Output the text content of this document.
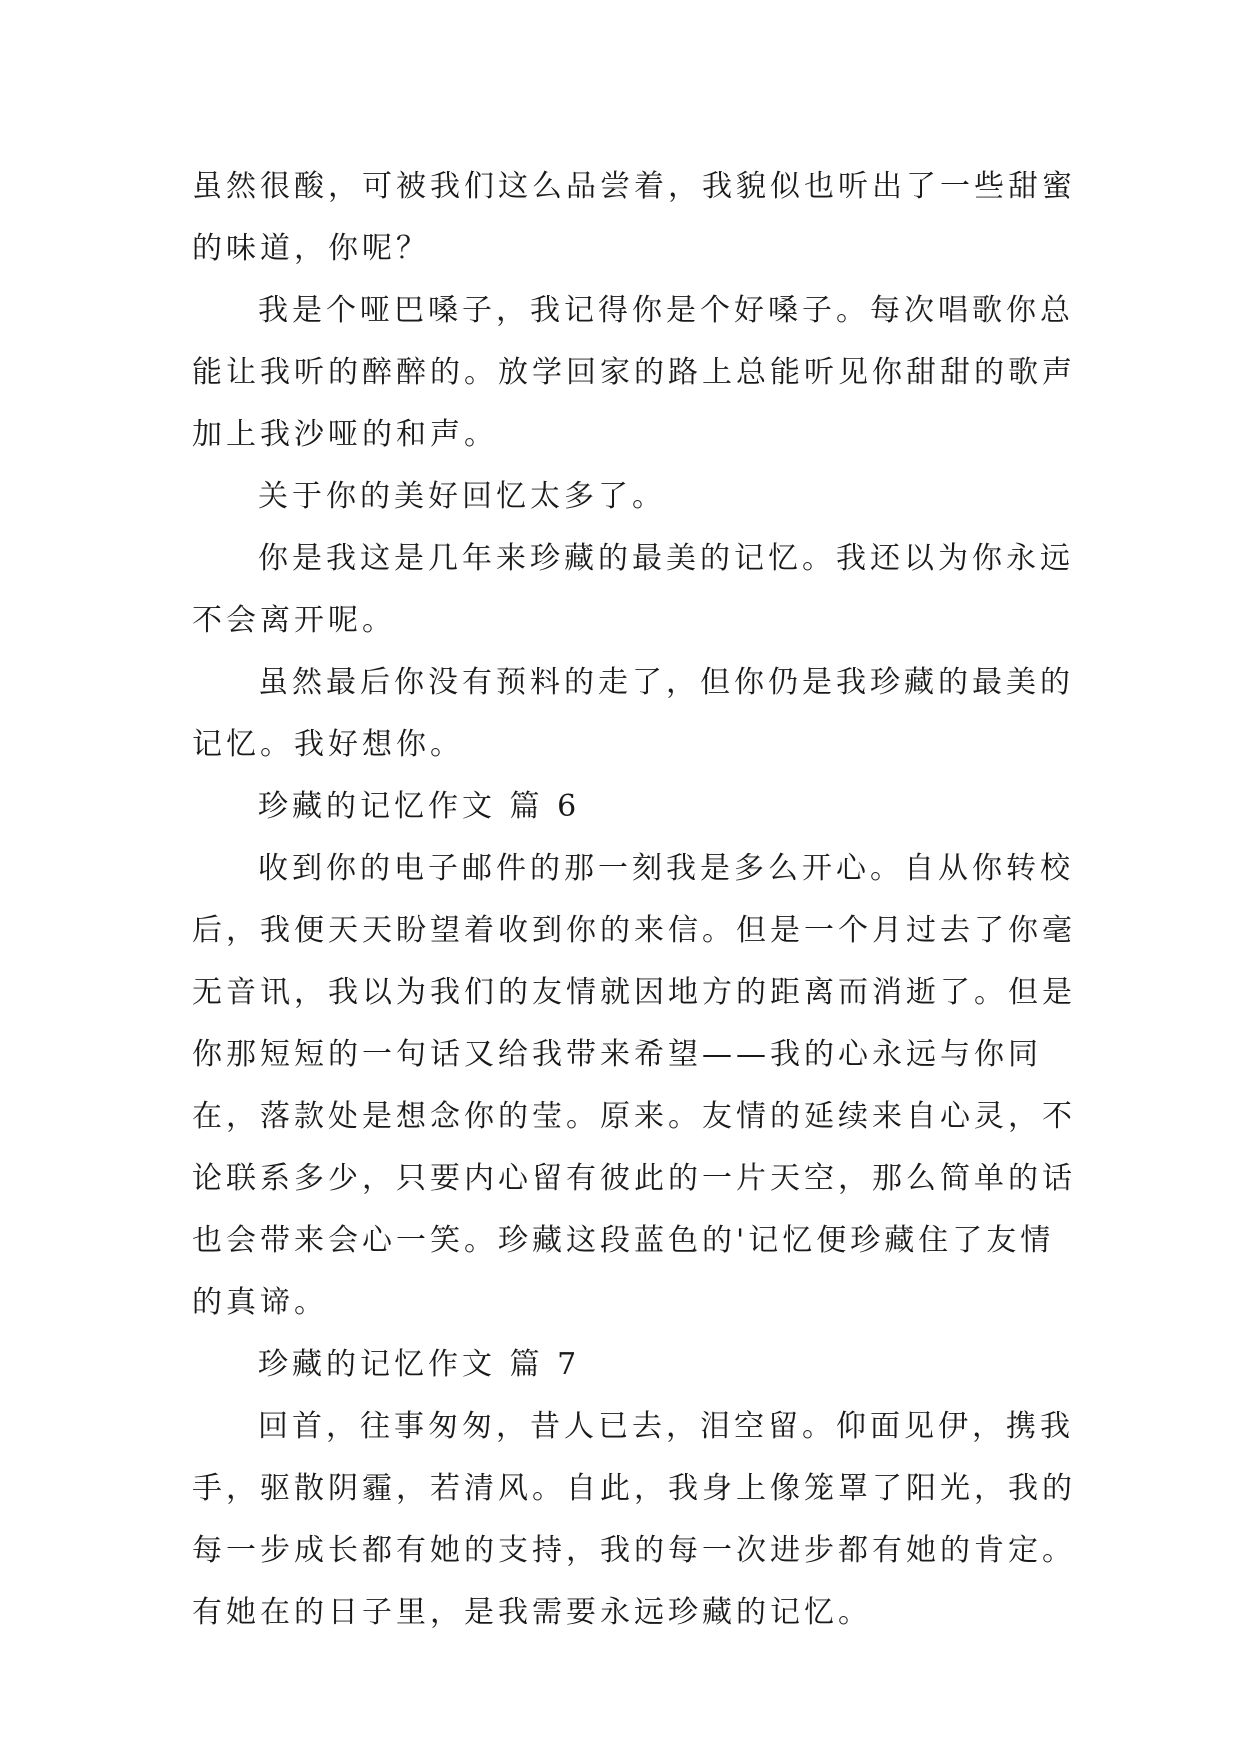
虽然很酸，可被我们这么品尝着，我貌似也听出了一些甜蜜
的味道，你呢？
我是个哑巴嗓子，我记得你是个好嗓子。每次唱歌你总
能让我听的醉醉的。放学回家的路上总能听见你甜甜的歌声
加上我沙哑的和声。
关于你的美好回忆太多了。
你是我这是几年来珍藏的最美的记忆。我还以为你永远
不会离开呢。
虽然最后你没有预料的走了，但你仍是我珍藏的最美的
记忆。我好想你。
珍藏的记忆作文 篇 6
收到你的电子邮件的那一刻我是多么开心。自从你转校
后，我便天天盼望着收到你的来信。但是一个月过去了你毫
无音讯，我以为我们的友情就因地方的距离而消逝了。但是
你那短短的一句话又给我带来希望——我的心永远与你同
在，落款处是想念你的莹。原来。友情的延续来自心灵，不
论联系多少，只要内心留有彼此的一片天空，那么简单的话
也会带来会心一笑。珍藏这段蓝色的'记忆便珍藏住了友情
的真谛。
珍藏的记忆作文 篇 7
回首，往事匆匆，昔人已去，泪空留。仰面见伊，携我
手，驱散阴霾，若清风。自此，我身上像笼罩了阳光，我的
每一步成长都有她的支持，我的每一次进步都有她的肯定。
有她在的日子里，是我需要永远珍藏的记忆。
